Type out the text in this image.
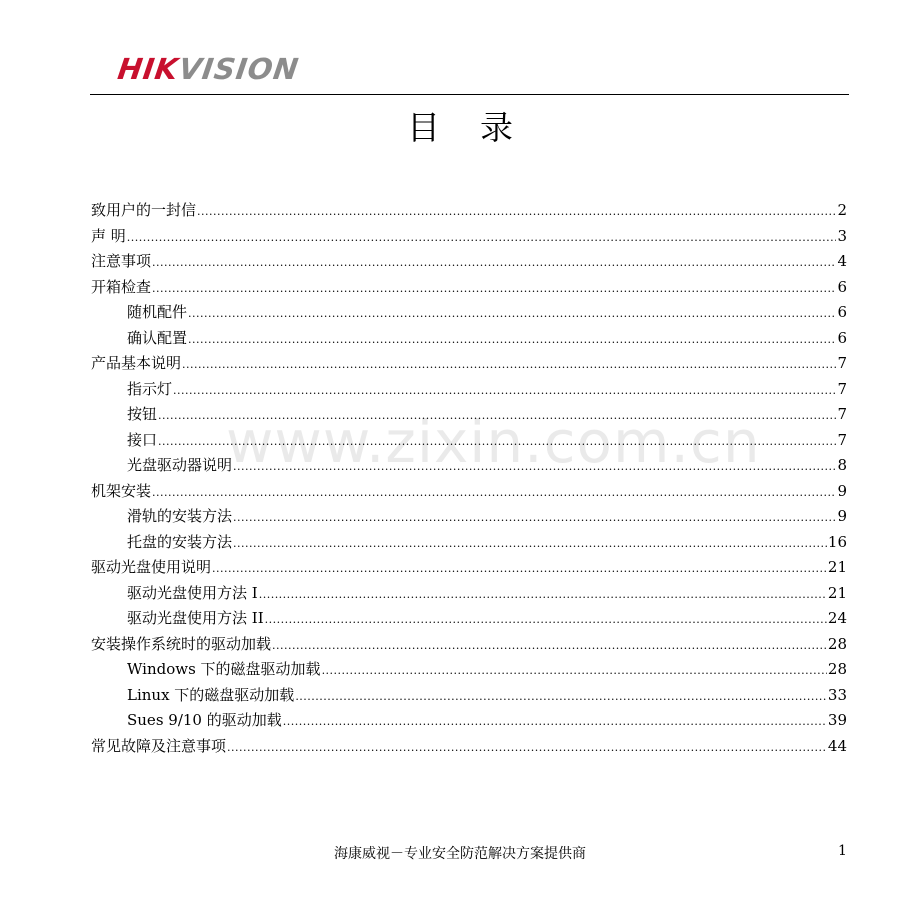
HIKVISION
目录
www.zixin.com.cn
致用户的一封信 .....	2
声 明 .....	3
注意事项 .....	4
开箱检查 .....	6
随机配件 .....	6
确认配置 .....	6
产品基本说明 .....	7
指示灯 .....	7
按钮 .....	7
接口 .....	7
光盘驱动器说明 .....	8
机架安装 .....	9
滑轨的安装方法 .....	9
托盘的安装方法 .....	16
驱动光盘使用说明 .....	21
驱动光盘使用方法 I .....	21
驱动光盘使用方法 II .....	24
安装操作系统时的驱动加载 .....	28
Windows 下的磁盘驱动加载 .....	28
Linux 下的磁盘驱动加载 .....	33
Sues 9/10 的驱动加载 .....	39
常见故障及注意事项 .....	44
海康威视－专业安全防范解决方案提供商	1
